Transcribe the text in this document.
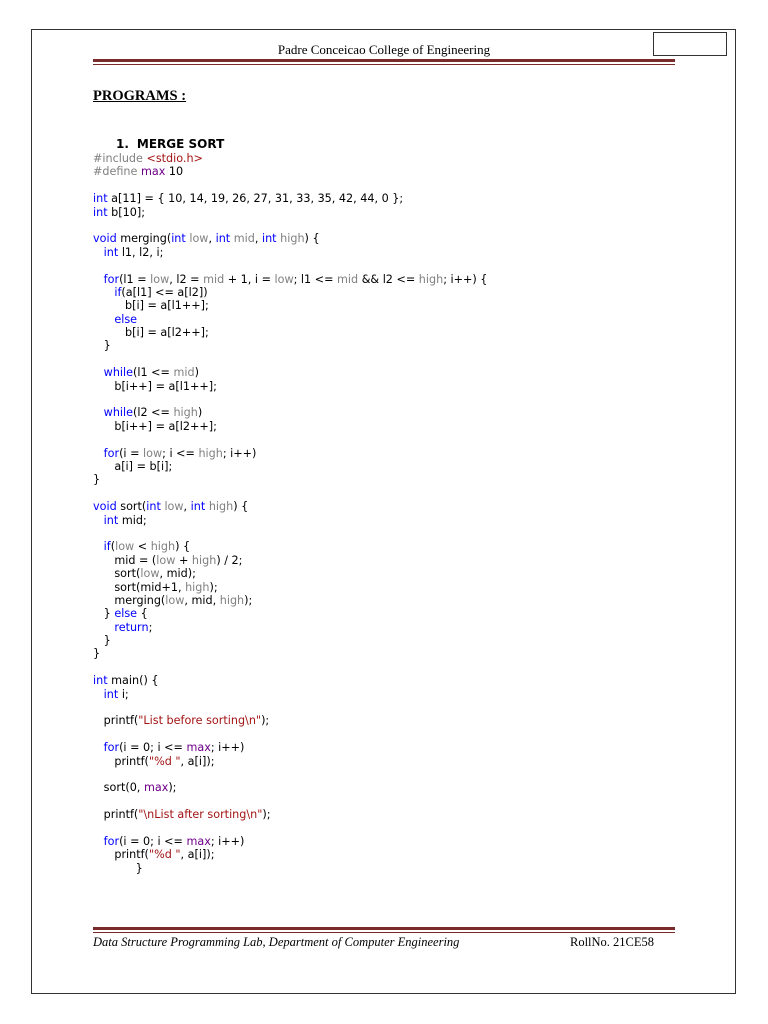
Padre Conceicao College of Engineering
PROGRAMS :
1. MERGE SORT
#include <stdio.h>
#define max 10
int a[11] = { 10, 14, 19, 26, 27, 31, 33, 35, 42, 44, 0 };
int b[10];
void merging(int low, int mid, int high) {
int l1, l2, i;
for(l1 = low, l2 = mid + 1, i = low; l1 <= mid && l2 <= high; i++) {
if(a[l1] <= a[l2])
b[i] = a[l1++];
else
b[i] = a[l2++];
}
while(l1 <= mid)
b[i++] = a[l1++];
while(l2 <= high)
b[i++] = a[l2++];
for(i = low; i <= high; i++)
a[i] = b[i];
}
void sort(int low, int high) {
int mid;
if(low < high) {
mid = (low + high) / 2;
sort(low, mid);
sort(mid+1, high);
merging(low, mid, high);
} else {
return;
}
}
int main() {
int i;
printf("List before sorting\n");
for(i = 0; i <= max; i++)
printf("%d ", a[i]);
sort(0, max);
printf("\nList after sorting\n");
for(i = 0; i <= max; i++)
printf("%d ", a[i]);
}
Data Structure Programming Lab, Department of Computer Engineering	RollNo. 21CE58
